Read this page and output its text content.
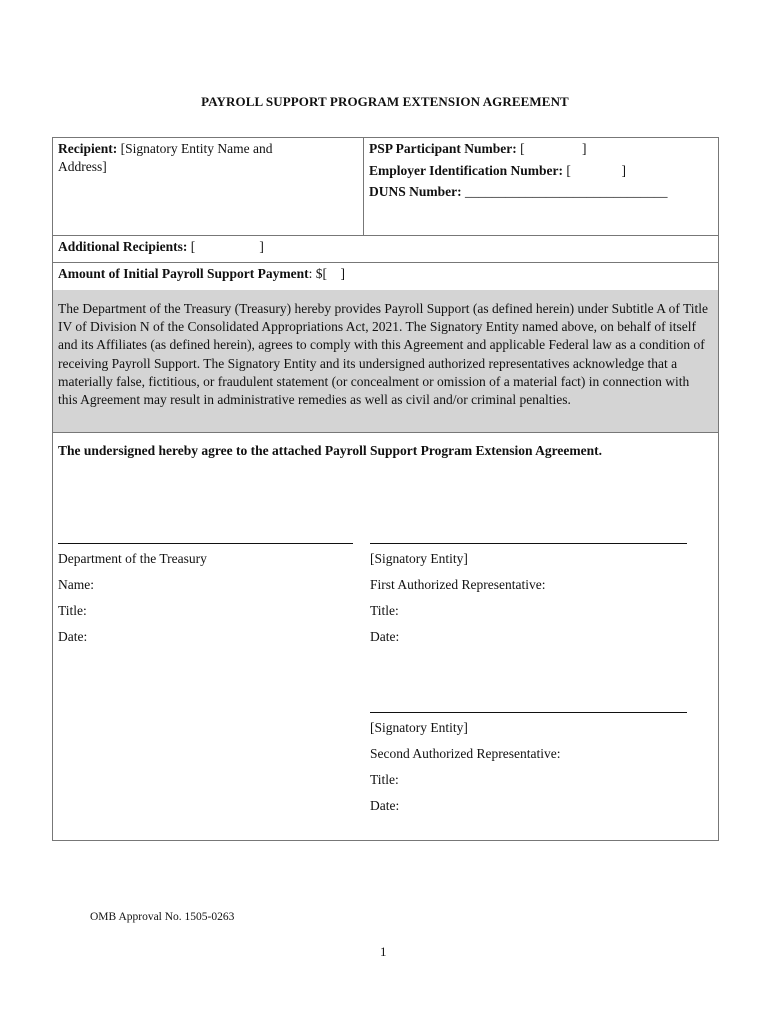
PAYROLL SUPPORT PROGRAM EXTENSION AGREEMENT
Recipient: [Signatory Entity Name and
Address]
PSP Participant Number: [                 ]
Employer Identification Number: [               ]
DUNS Number: ______________________________
Additional Recipients: [                   ]
Amount of Initial Payroll Support Payment: $[    ]
The Department of the Treasury (Treasury) hereby provides Payroll Support (as defined herein) under Subtitle A of Title IV of Division N of the Consolidated Appropriations Act, 2021. The Signatory Entity named above, on behalf of itself and its Affiliates (as defined herein), agrees to comply with this Agreement and applicable Federal law as a condition of receiving Payroll Support. The Signatory Entity and its undersigned authorized representatives acknowledge that a materially false, fictitious, or fraudulent statement (or concealment or omission of a material fact) in connection with this Agreement may result in administrative remedies as well as civil and/or criminal penalties.
The undersigned hereby agree to the attached Payroll Support Program Extension Agreement.
Department of the Treasury
Name:
Title:
Date:
[Signatory Entity]
First Authorized Representative:
Title:
Date:
[Signatory Entity]
Second Authorized Representative:
Title:
Date:
OMB Approval No. 1505-0263
1
